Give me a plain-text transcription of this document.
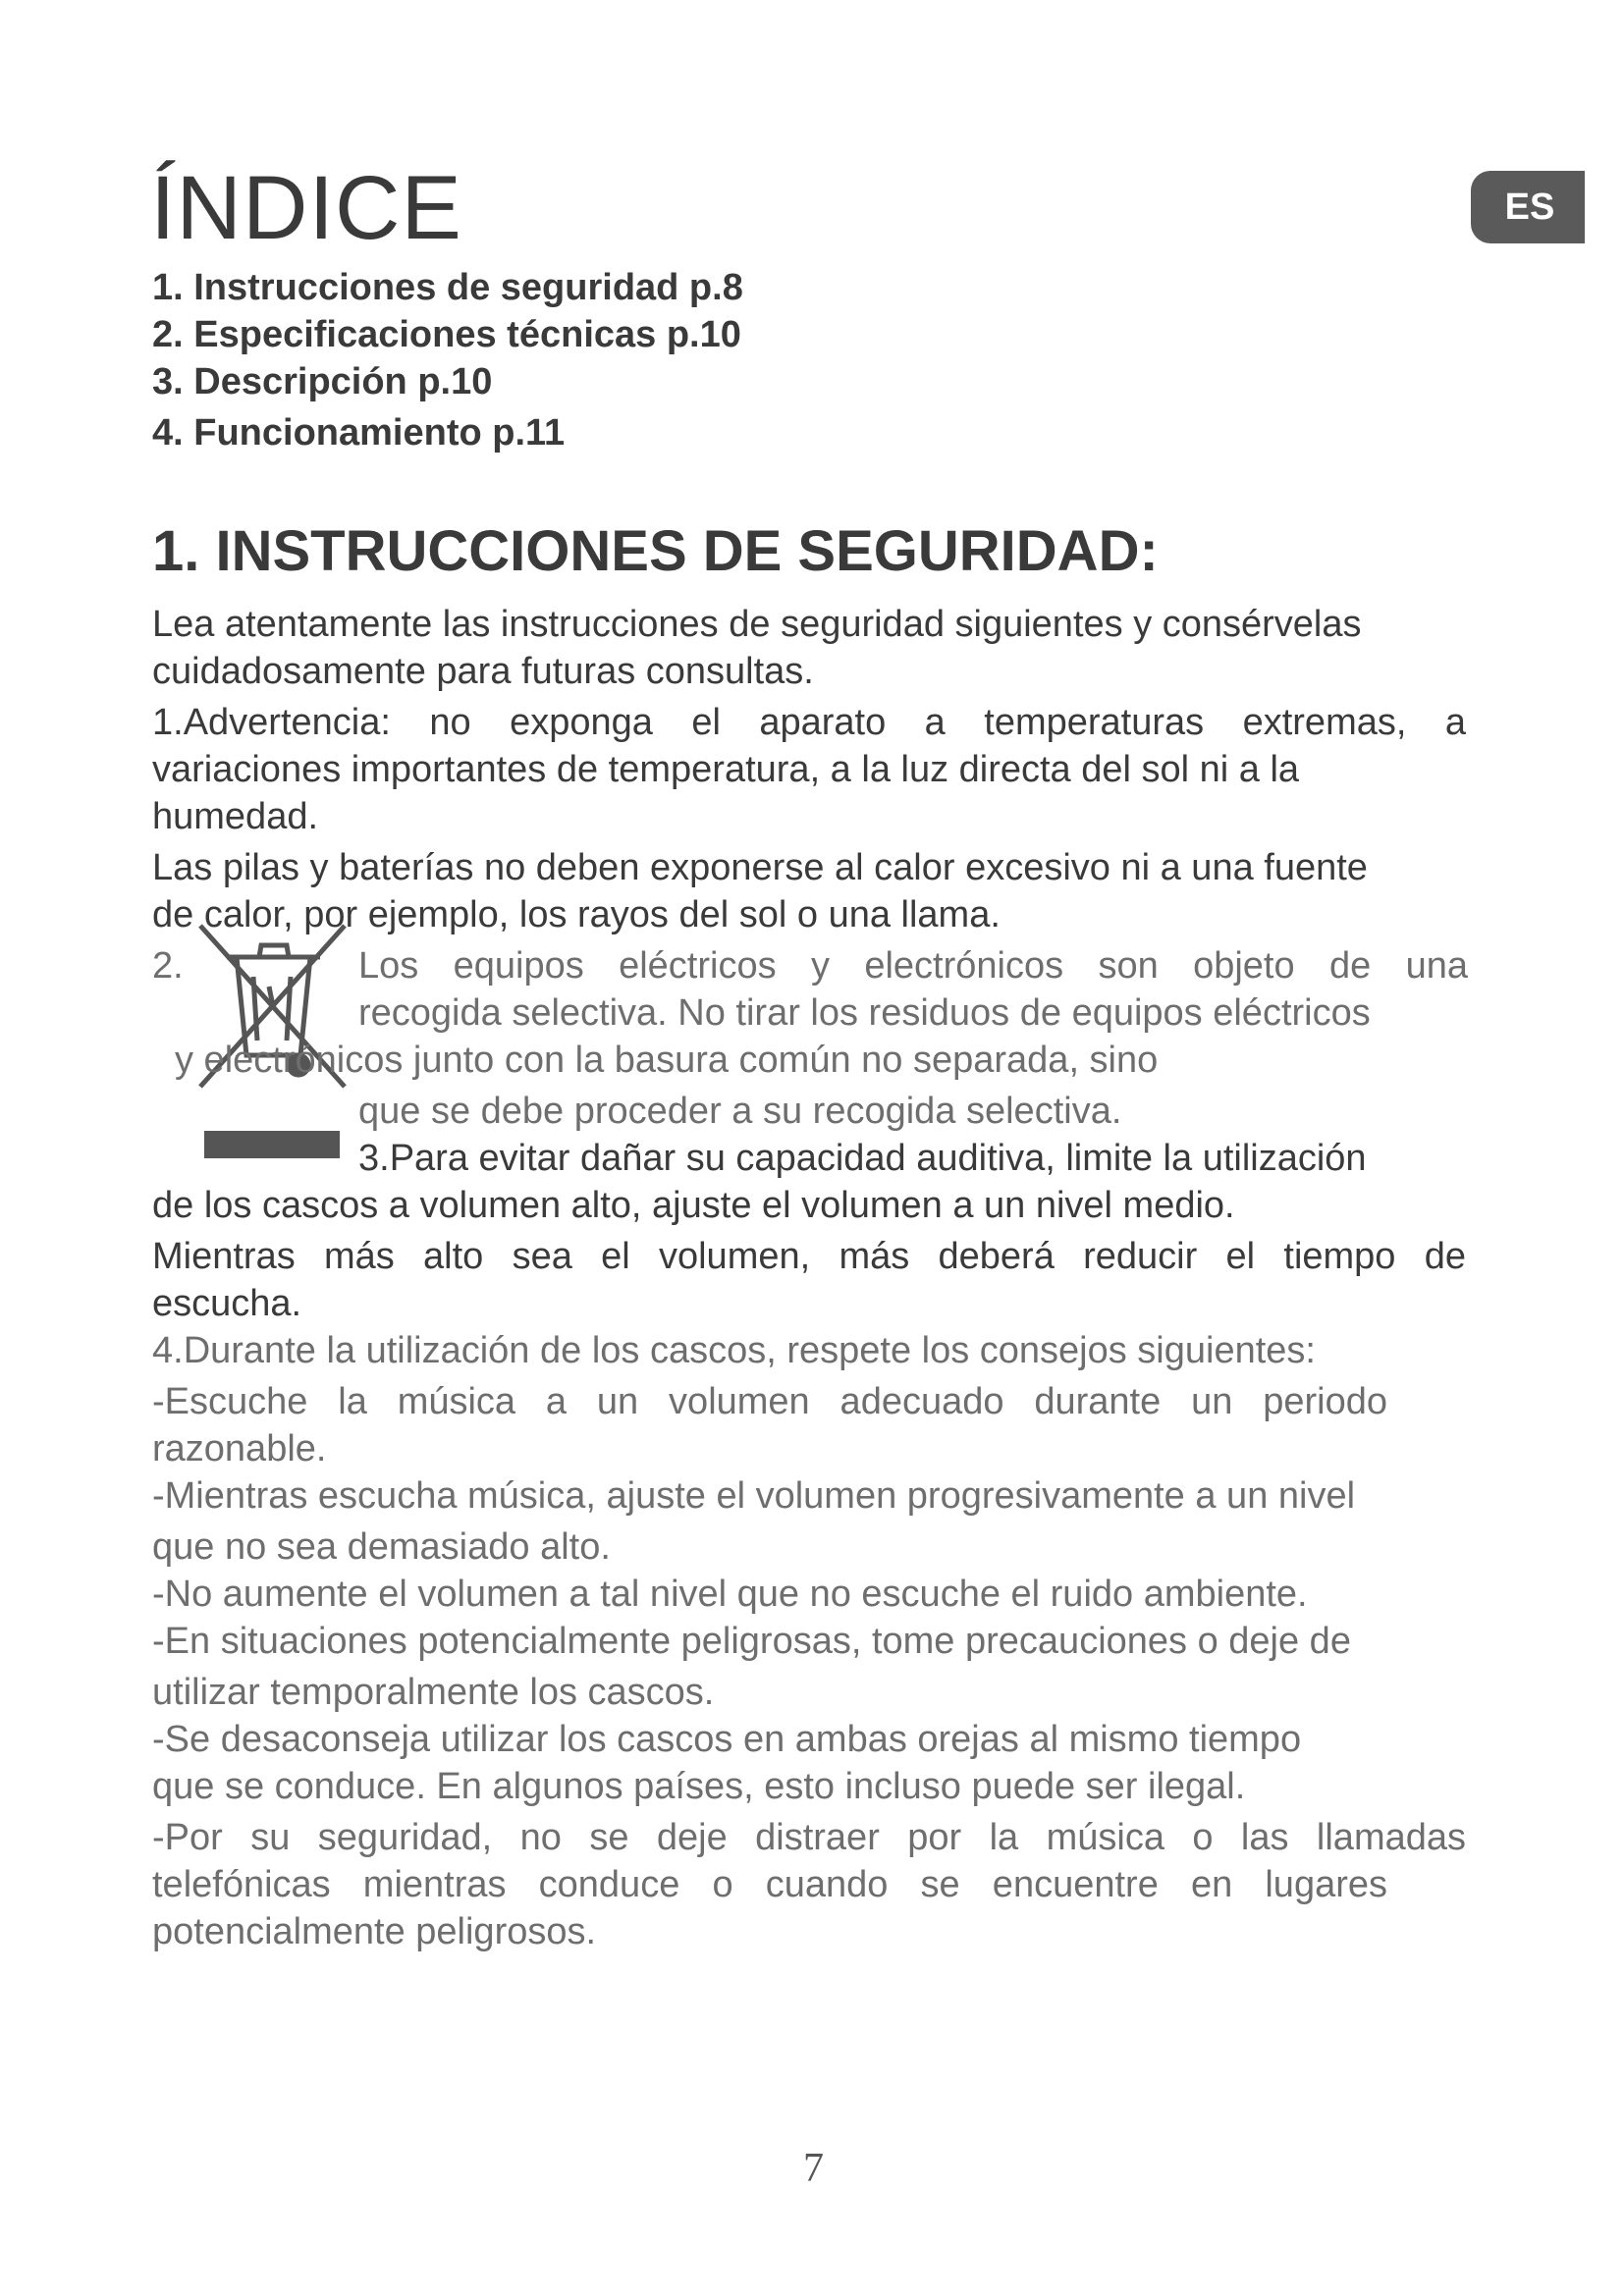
ÍNDICE	ES
1. Instrucciones de seguridad p.8
2. Especificaciones técnicas p.10
3. Descripción p.10
4. Funcionamiento p.11
1. INSTRUCCIONES DE SEGURIDAD:
Lea atentamente las instrucciones de seguridad siguientes y consérvelas
cuidadosamente para futuras consultas.
1.Advertencia: no exponga el aparato a temperaturas extremas, a
variaciones importantes de temperatura, a la luz directa del sol ni a la
humedad.
Las pilas y baterías no deben exponerse al calor excesivo ni a una fuente
de calor, por ejemplo, los rayos del sol o una llama.
2.	Los equipos eléctricos y electrónicos son objeto de una
recogida selectiva. No tirar los residuos de equipos eléctricos
y electrónicos junto con la basura común no separada, sino
que se debe proceder a su recogida selectiva.
3.Para evitar dañar su capacidad auditiva, limite la utilización
de los cascos a volumen alto, ajuste el volumen a un nivel medio.
Mientras más alto sea el volumen, más deberá reducir el tiempo de
escucha.
4.Durante la utilización de los cascos, respete los consejos siguientes:
-Escuche la música a un volumen adecuado durante un periodo
razonable.
-Mientras escucha música, ajuste el volumen progresivamente a un nivel
que no sea demasiado alto.
-No aumente el volumen a tal nivel que no escuche el ruido ambiente.
-En situaciones potencialmente peligrosas, tome precauciones o deje de
utilizar temporalmente los cascos.
-Se desaconseja utilizar los cascos en ambas orejas al mismo tiempo
que se conduce. En algunos países, esto incluso puede ser ilegal.
-Por su seguridad, no se deje distraer por la música o las llamadas
telefónicas mientras conduce o cuando se encuentre en lugares
potencialmente peligrosos.
7
